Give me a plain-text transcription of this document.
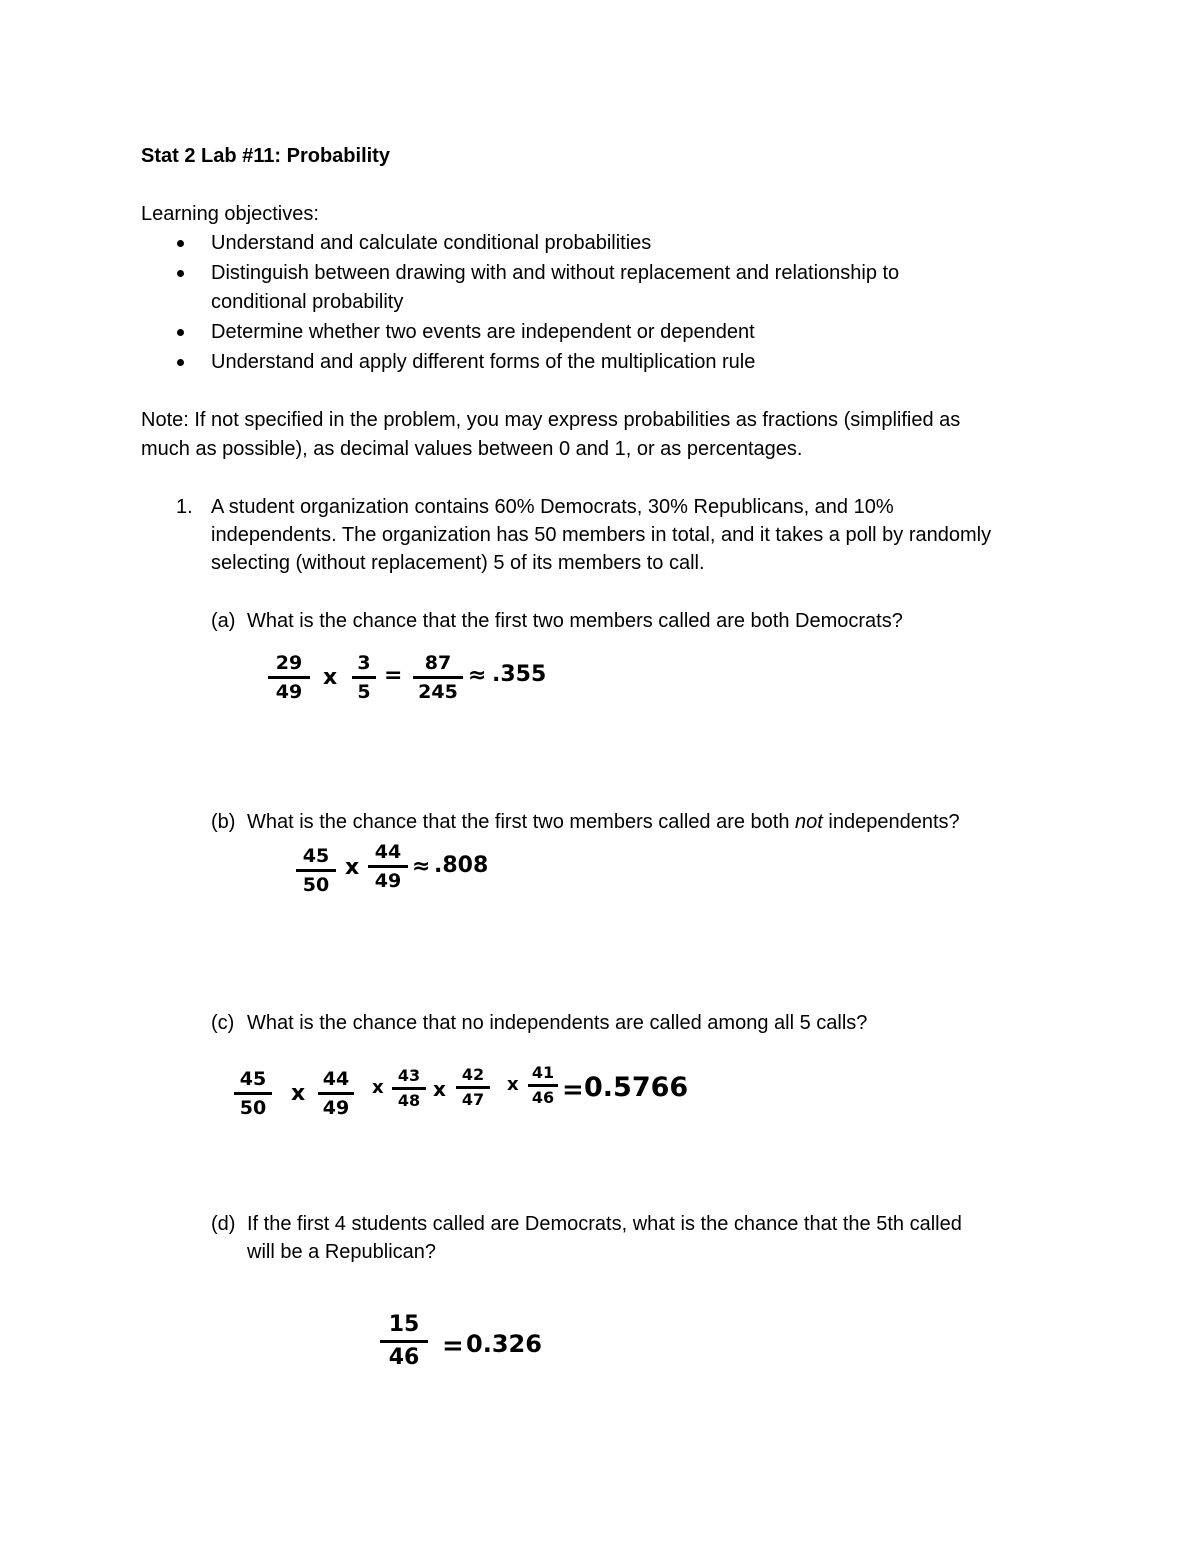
Stat 2 Lab #11: Probability
Learning objectives:
Understand and calculate conditional probabilities
Distinguish between drawing with and without replacement and relationship to
conditional probability
Determine whether two events are independent or dependent
Understand and apply different forms of the multiplication rule
Note: If not specified in the problem, you may express probabilities as fractions (simplified as
much as possible), as decimal values between 0 and 1, or as percentages.
1. A student organization contains 60% Democrats, 30% Republicans, and 10%
independents. The organization has 50 members in total, and it takes a poll by randomly
selecting (without replacement) 5 of its members to call.
(a) What is the chance that the first two members called are both Democrats?
29
49
x
3
5
= 87
245
≈ .355
(b) What is the chance that the first two members called are both not independents?
45
50
x
44
49
≈ .808
(c) What is the chance that no independents are called among all 5 calls?
45
50
x
44
49
x
43
48 x
42
47
x
41
46 = 0.5766
(d) If the first 4 students called are Democrats, what is the chance that the 5th called
will be a Republican?
15
46 = 0.326
